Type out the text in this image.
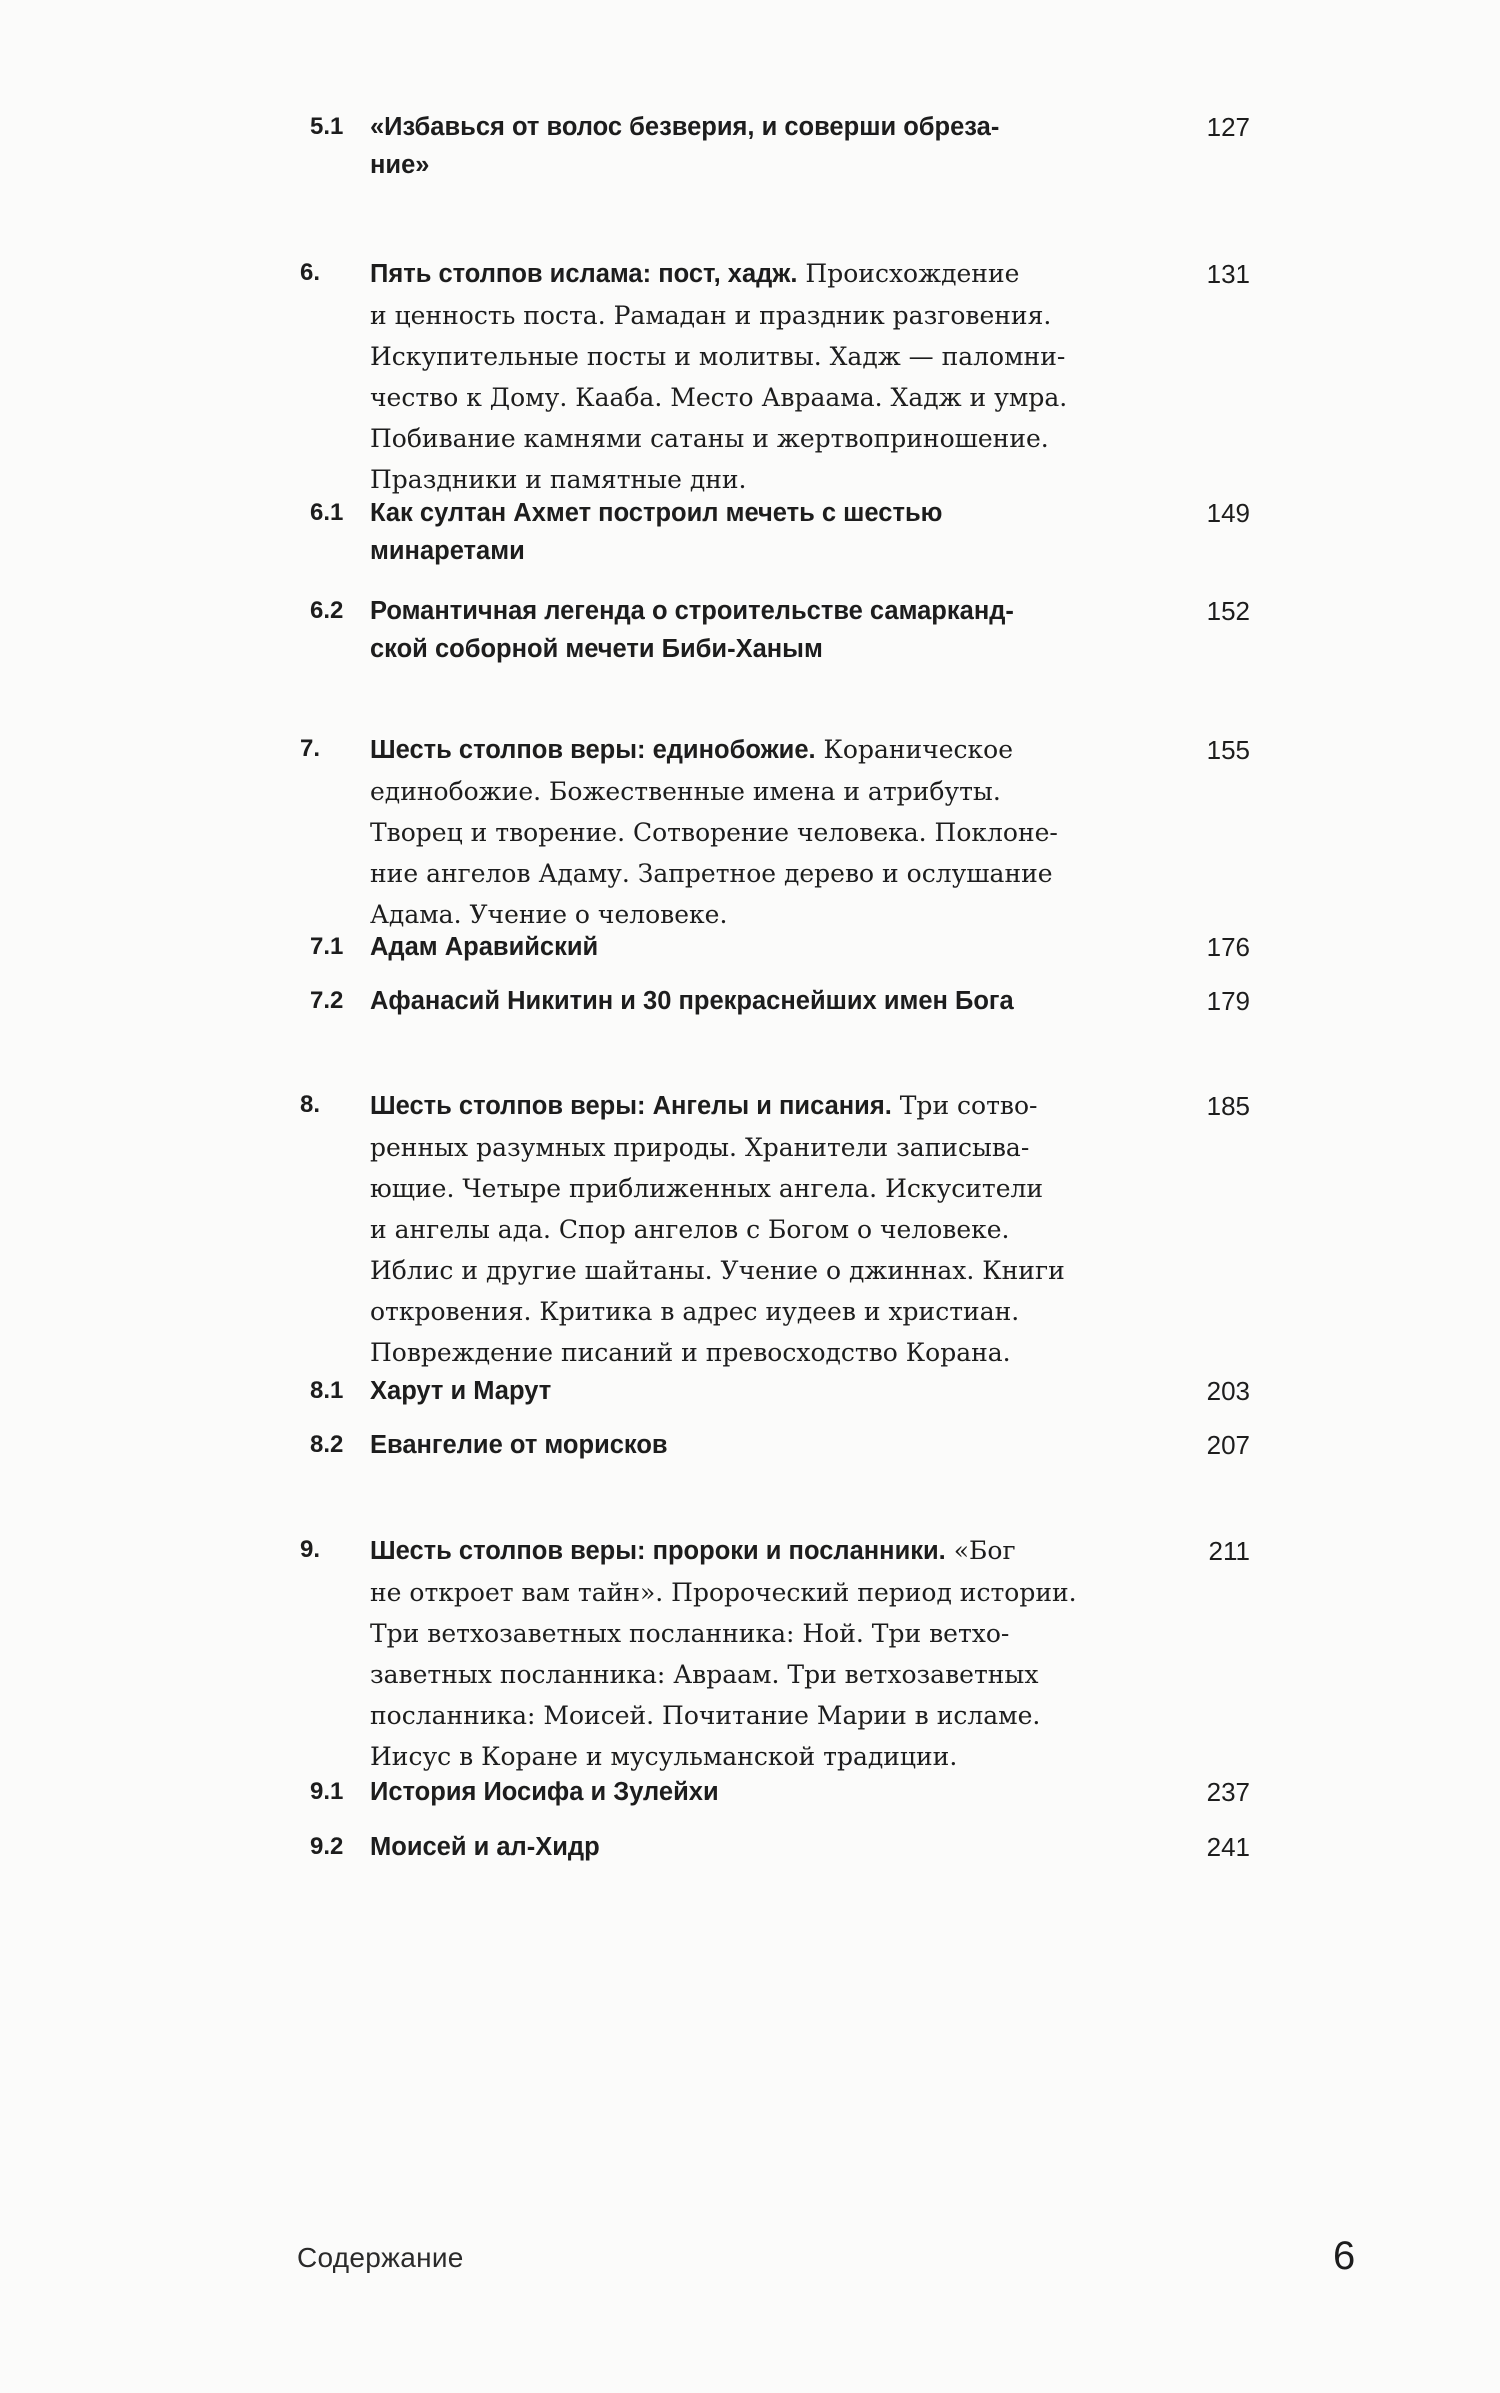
5.1 «Избавься от волос безверия, и соверши обреза-
ние»
127
6. Пять столпов ислама: пост, хадж. Происхождение
и ценность поста. Рамадан и праздник разговения.
Искупительные посты и молитвы. Хадж — паломни-
чество к Дому. Кааба. Место Авраама. Хадж и умра.
Побивание камнями сатаны и жертвоприношение.
Праздники и памятные дни.
131
6.1 Как султан Ахмет построил мечеть с шестью
минаретами
149
6.2 Романтичная легенда о строительстве самарканд-
ской соборной мечети Биби-Ханым
152
7. Шесть столпов веры: единобожие. Кораническое
единобожие. Божественные имена и атрибуты.
Творец и творение. Сотворение человека. Поклоне-
ние ангелов Адаму. Запретное дерево и ослушание
Адама. Учение о человеке.
155
7.1 Адам Аравийский	176
7.2 Афанасий Никитин и 30 прекраснейших имен Бога	179
8. Шесть столпов веры: Ангелы и писания. Три сотво-
ренных разумных природы. Хранители записыва-
ющие. Четыре приближенных ангела. Искусители
и ангелы ада. Спор ангелов с Богом о человеке.
Иблис и другие шайтаны. Учение о джиннах. Книги
откровения. Критика в адрес иудеев и христиан.
Повреждение писаний и превосходство Корана.
185
8.1 Харут и Марут	203
8.2 Евангелие от морисков	207
9. Шесть столпов веры: пророки и посланники. «Бог
не откроет вам тайн». Пророческий период истории.
Три ветхозаветных посланника: Ной. Три ветхо-
заветных посланника: Авраам. Три ветхозаветных
посланника: Моисей. Почитание Марии в исламе.
Иисус в Коране и мусульманской традиции.
211
9.1 История Иосифа и Зулейхи	237
9.2 Моисей и ал-Хидр	241
Содержание	6
